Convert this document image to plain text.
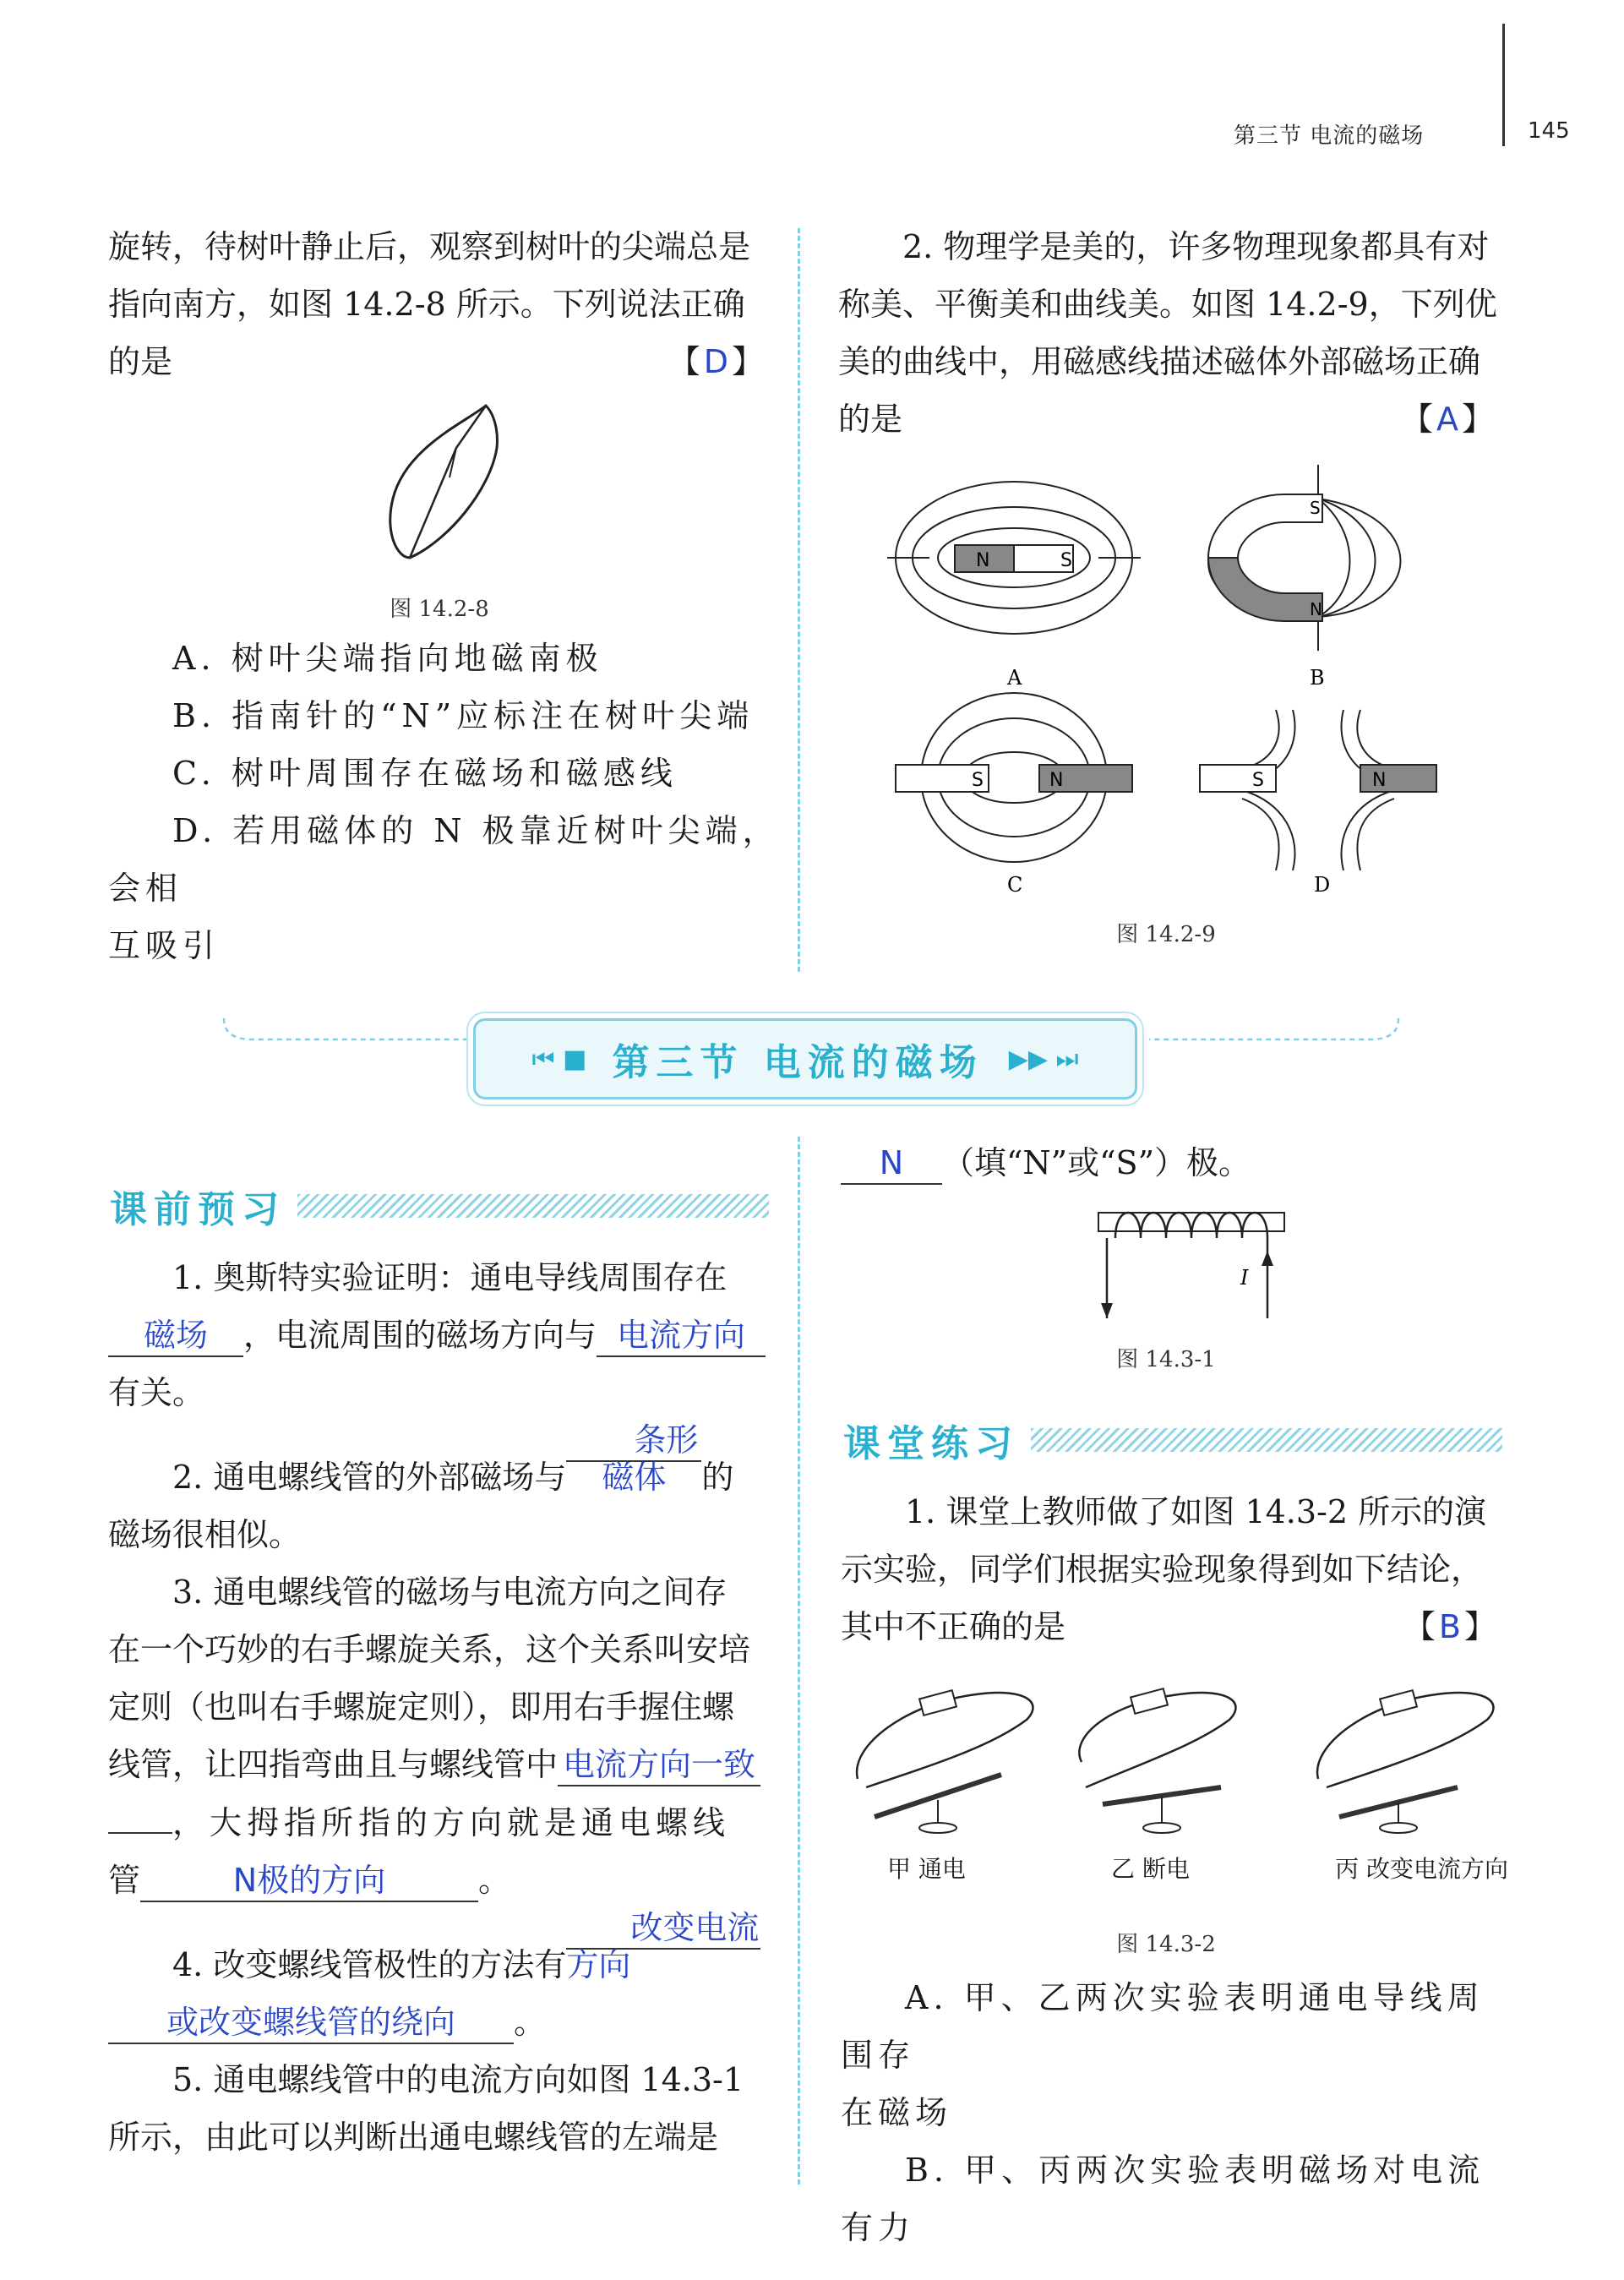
第三节 电流的磁场	145

旋转，待树叶静止后，观察到树叶的尖端总是

指向南方，如图 14.2-8 所示。下列说法正确

的是	【D】

图 14.2-8

A. 树叶尖端指向地磁南极

B. 指南针的“N”应标注在树叶尖端

C. 树叶周围存在磁场和磁感线

D. 若用磁体的 N 极靠近树叶尖端，会相

互吸引

2. 物理学是美的，许多物理现象都具有对

称美、平衡美和曲线美。如图 14.2-9，下列优

美的曲线中，用磁感线描述磁体外部磁场正确

的是	【A】

N	S
A
S
N
B
S	N
C
S	N
D
图 14.2-9
⏮ ■ 第三节 电流的磁场 ▶▶ ⏭
课前预习

1. 奥斯特实验证明：通电导线周围存在

磁场 ，电流周围的磁场方向与 电流方向

有关。

2. 通电螺线管的外部磁场与条形磁体 的

磁场很相似。

3. 通电螺线管的磁场与电流方向之间存

在一个巧妙的右手螺旋关系，这个关系叫安培

定则（也叫右手螺旋定则），即用右手握住螺

线管，让四指弯曲且与螺线管中 电流方向一致

，大拇指所指的方向就是通电螺线

管	N极的方向	。

4. 改变螺线管极性的方法有改变电流方向

或改变螺线管的绕向 。

5. 通电螺线管中的电流方向如图 14.3-1

所示，由此可以判断出通电螺线管的左端是

N （填“N”或“S”）极。

I
图 14.3-1
课堂练习

1. 课堂上教师做了如图 14.3-2 所示的演

示实验，同学们根据实验现象得到如下结论，

其中不正确的是	【B】

甲 通电	乙 断电	丙 改变电流方向
图 14.3-2

A. 甲、乙两次实验表明通电导线周围存

在磁场

B. 甲、丙两次实验表明磁场对电流有力
